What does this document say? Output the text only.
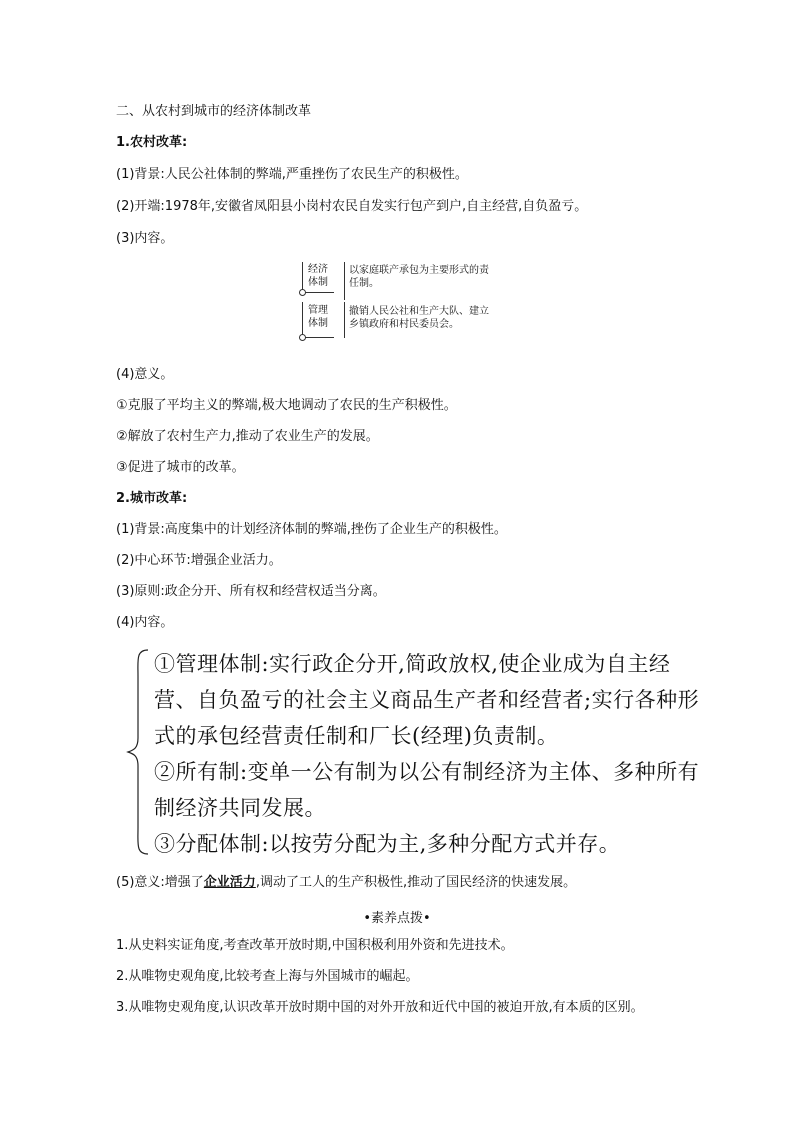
二、从农村到城市的经济体制改革
1.农村改革:
(1)背景:人民公社体制的弊端,严重挫伤了农民生产的积极性。
(2)开端:1978年,安徽省凤阳县小岗村农民自发实行包产到户,自主经营,自负盈亏。
(3)内容。
经济
体制
以家庭联产承包为主要形式的责
任制。
管理
体制
撤销人民公社和生产大队、建立
乡镇政府和村民委员会。
(4)意义。
①克服了平均主义的弊端,极大地调动了农民的生产积极性。
②解放了农村生产力,推动了农业生产的发展。
③促进了城市的改革。
2.城市改革:
(1)背景:高度集中的计划经济体制的弊端,挫伤了企业生产的积极性。
(2)中心环节:增强企业活力。
(3)原则:政企分开、所有权和经营权适当分离。
(4)内容。
①管理体制:实行政企分开,简政放权,使企业成为自主经
营、自负盈亏的社会主义商品生产者和经营者;实行各种形
式的承包经营责任制和厂长(经理)负责制。
②所有制:变单一公有制为以公有制经济为主体、多种所有
制经济共同发展。
③分配体制:以按劳分配为主,多种分配方式并存。
(5)意义:增强了企业活力,调动了工人的生产积极性,推动了国民经济的快速发展。
•素养点拨•
1.从史料实证角度,考查改革开放时期,中国积极利用外资和先进技术。
2.从唯物史观角度,比较考查上海与外国城市的崛起。
3.从唯物史观角度,认识改革开放时期中国的对外开放和近代中国的被迫开放,有本质的区别。
